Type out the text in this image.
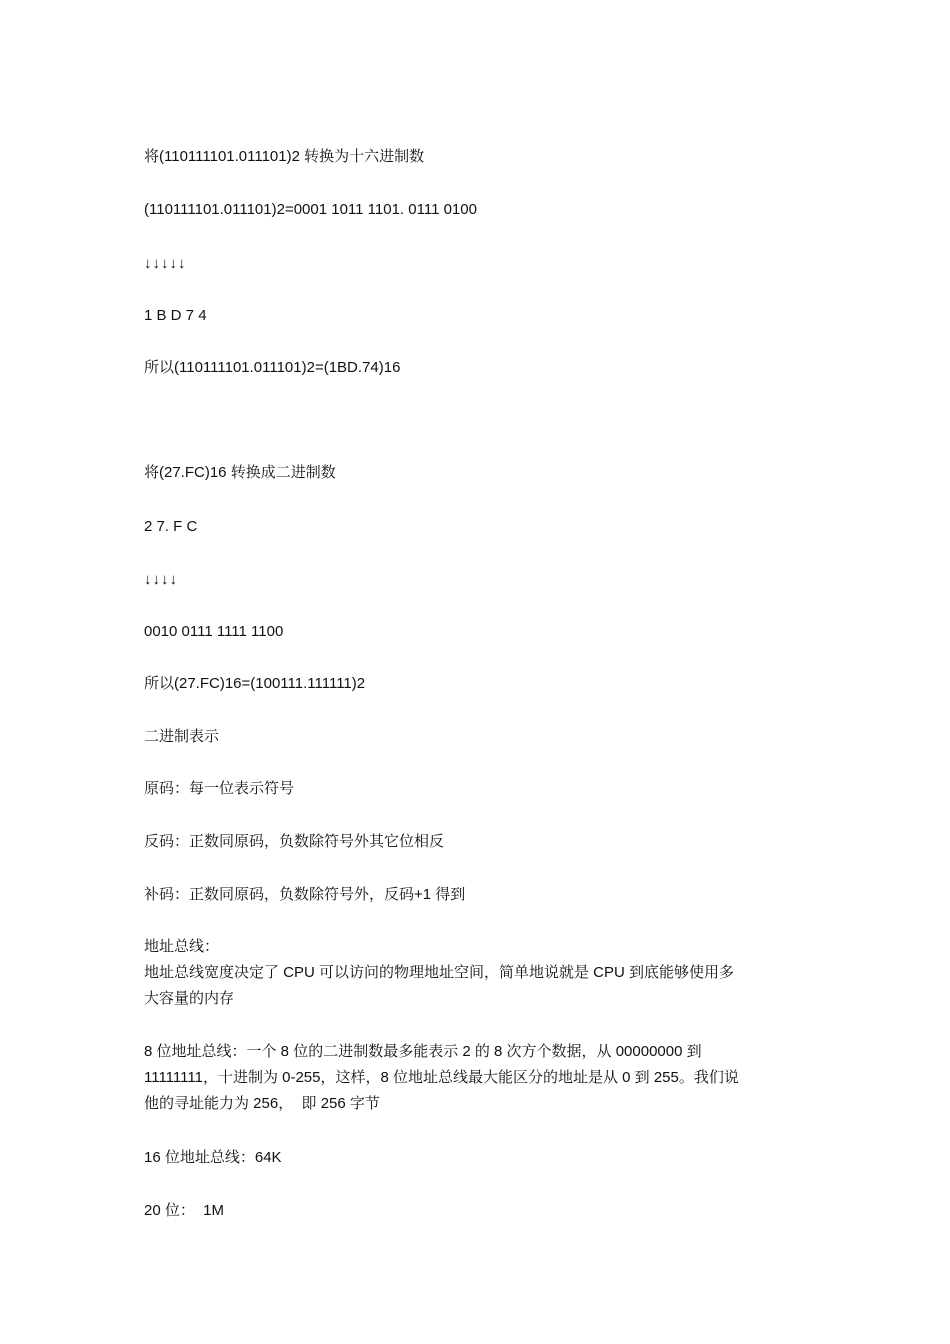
将(110111101.011101)2 转换为十六进制数
(110111101.011101)2=0001 1011 1101. 0111 0100
↓↓↓↓↓
1 B D 7 4
所以(110111101.011101)2=(1BD.74)16
将(27.FC)16 转换成二进制数
2 7. F C
↓↓↓↓
0010 0111 1111 1100
所以(27.FC)16=(100111.111111)2
二进制表示
原码：每一位表示符号
反码：正数同原码，负数除符号外其它位相反
补码：正数同原码，负数除符号外，反码+1 得到
地址总线：
地址总线宽度决定了 CPU 可以访问的物理地址空间，简单地说就是 CPU 到底能够使用多
大容量的内存
8 位地址总线：一个 8 位的二进制数最多能表示 2 的 8 次方个数据，从 00000000 到
11111111，十进制为 0-255，这样，8 位地址总线最大能区分的地址是从 0 到 255。我们说
他的寻址能力为 256，  即 256 字节
16 位地址总线：64K
20 位：  1M
